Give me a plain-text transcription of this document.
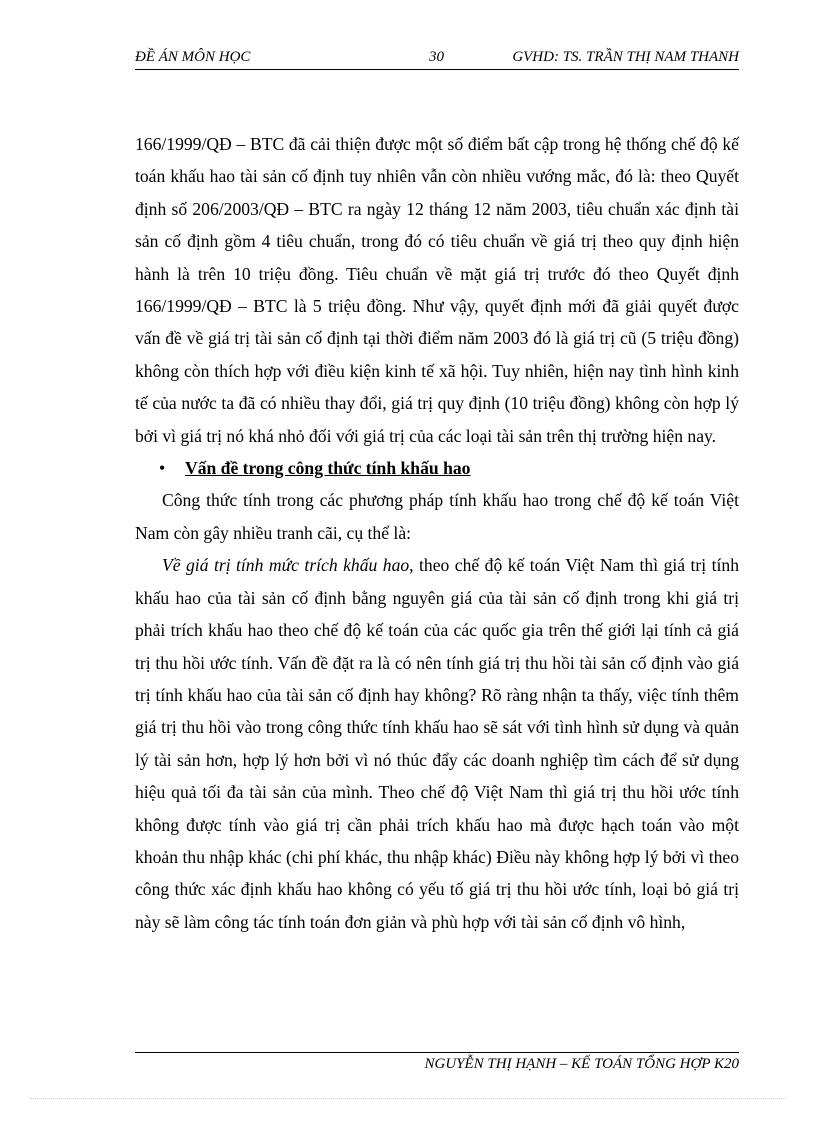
ĐỀ ÁN MÔN HỌC	30	GVHD: TS. TRẦN THỊ NAM THANH

166/1999/QĐ – BTC đã cải thiện được một số điểm bất cập trong hệ thống chế độ kế toán khấu hao tài sản cố định tuy nhiên vẫn còn nhiều vướng mắc, đó là: theo Quyết định số 206/2003/QĐ – BTC ra ngày 12 tháng 12 năm 2003, tiêu chuẩn xác định tài sản cố định gồm 4 tiêu chuẩn, trong đó có tiêu chuẩn về giá trị theo quy định hiện hành là trên 10 triệu đồng. Tiêu chuẩn về mặt giá trị trước đó theo Quyết định 166/1999/QĐ – BTC là 5 triệu đồng. Như vậy, quyết định mới đã giải quyết được vấn đề về giá trị tài sản cố định tại thời điểm năm 2003 đó là giá trị cũ (5 triệu đồng) không còn thích hợp với điều kiện kinh tế xã hội. Tuy nhiên, hiện nay tình hình kinh tế của nước ta đã có nhiều thay đổi, giá trị quy định (10 triệu đồng) không còn hợp lý bởi vì giá trị nó khá nhỏ đối với giá trị của các loại tài sản trên thị trường hiện nay.

• Vấn đề trong công thức tính khấu hao

Công thức tính trong các phương pháp tính khấu hao trong chế độ kế toán Việt Nam còn gây nhiều tranh cãi, cụ thể là:

Về giá trị tính mức trích khấu hao, theo chế độ kế toán Việt Nam thì giá trị tính khấu hao của tài sản cố định bằng nguyên giá của tài sản cố định trong khi giá trị phải trích khấu hao theo chế độ kế toán của các quốc gia trên thế giới lại tính cả giá trị thu hồi ước tính. Vấn đề đặt ra là có nên tính giá trị thu hồi tài sản cố định vào giá trị tính khấu hao của tài sản cố định hay không? Rõ ràng nhận ta thấy, việc tính thêm giá trị thu hồi vào trong công thức tính khấu hao sẽ sát với tình hình sử dụng và quản lý tài sản hơn, hợp lý hơn bởi vì nó thúc đẩy các doanh nghiệp tìm cách để sử dụng hiệu quả tối đa tài sản của mình. Theo chế độ Việt Nam thì giá trị thu hồi ước tính không được tính vào giá trị cần phải trích khấu hao mà được hạch toán vào một khoản thu nhập khác (chi phí khác, thu nhập khác) Điều này không hợp lý bởi vì theo công thức xác định khấu hao không có yếu tố giá trị thu hồi ước tính, loại bỏ giá trị này sẽ làm công tác tính toán đơn giản và phù hợp với tài sản cố định vô hình,

NGUYỄN THỊ HẠNH – KẾ TOÁN TỔNG HỢP K20
